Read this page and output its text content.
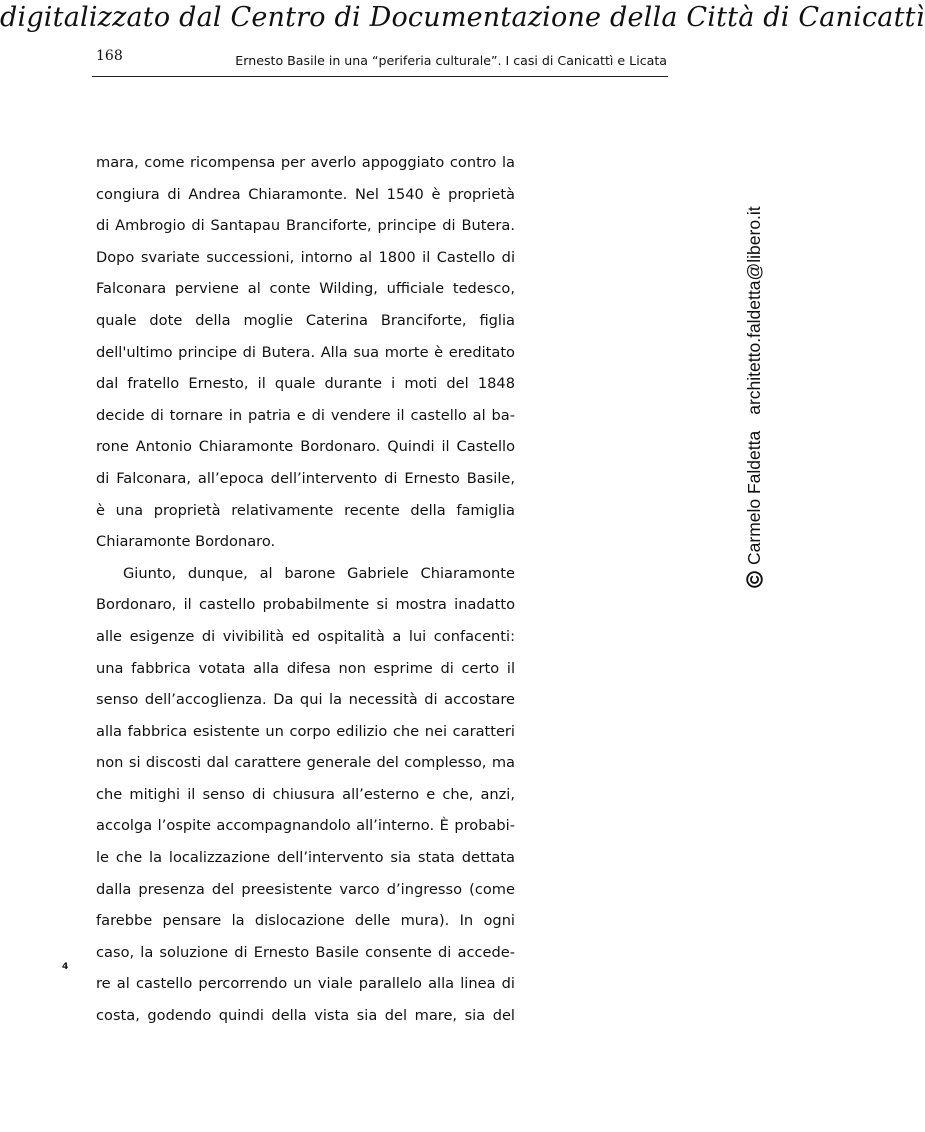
digitalizzato dal Centro di Documentazione della Città di Canicattì
168	Ernesto Basile in una “periferia culturale”. I casi di Canicattì e Licata
mara, come ricompensa per averlo appoggiato contro la
congiura di Andrea Chiaramonte. Nel 1540 è proprietà
di Ambrogio di Santapau Branciforte, principe di Butera.
Dopo svariate successioni, intorno al 1800 il Castello di
Falconara perviene al conte Wilding, ufficiale tedesco,
quale dote della moglie Caterina Branciforte, figlia
dell'ultimo principe di Butera. Alla sua morte è ereditato
dal fratello Ernesto, il quale durante i moti del 1848
decide di tornare in patria e di vendere il castello al ba-
rone Antonio Chiaramonte Bordonaro. Quindi il Castello
di Falconara, all’epoca dell’intervento di Ernesto Basile,
è una proprietà relativamente recente della famiglia
Chiaramonte Bordonaro.
Giunto, dunque, al barone Gabriele Chiaramonte
Bordonaro, il castello probabilmente si mostra inadatto
alle esigenze di vivibilità ed ospitalità a lui confacenti:
una fabbrica votata alla difesa non esprime di certo il
senso dell’accoglienza. Da qui la necessità di accostare
alla fabbrica esistente un corpo edilizio che nei caratteri
non si discosti dal carattere generale del complesso, ma
che mitighi il senso di chiusura all’esterno e che, anzi,
accolga l’ospite accompagnandolo all’interno. È probabi-
le che la localizzazione dell’intervento sia stata dettata
dalla presenza del preesistente varco d’ingresso (come
farebbe pensare la dislocazione delle mura). In ogni
caso, la soluzione di Ernesto Basile consente di accede-
re al castello percorrendo un viale parallelo alla linea di
costa, godendo quindi della vista sia del mare, sia del
4
Carmelo Faldetta
architetto.faldetta@libero.it
